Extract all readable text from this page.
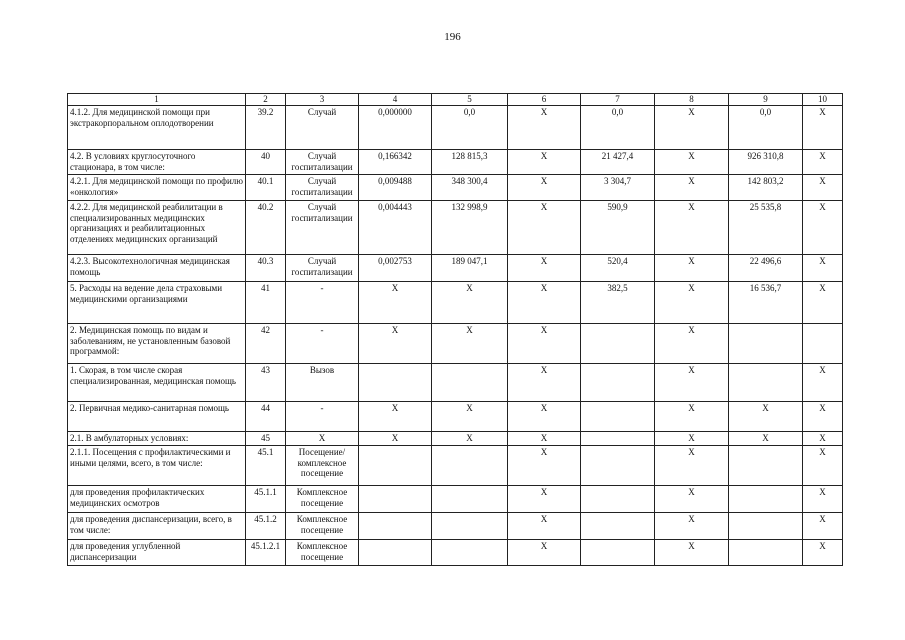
196
1	2	3	4	5	6	7	8	9	10
4.1.2. Для медицинской помощи при экстракорпоральном оплодотворении	39.2	Случай	0,000000	0,0	X	0,0	X	0,0	X
4.2. В условиях круглосуточного стационара, в том числе:	40	Случай госпитализации	0,166342	128 815,3	X	21 427,4	X	926 310,8	X
4.2.1. Для медицинской помощи по профилю «онкология»	40.1	Случай госпитализации	0,009488	348 300,4	X	3 304,7	X	142 803,2	X
4.2.2. Для медицинской реабилитации в специализированных медицинских организациях и реабилитационных отделениях медицинских организаций	40.2	Случай госпитализации	0,004443	132 998,9	X	590,9	X	25 535,8	X
4.2.3. Высокотехнологичная медицинская помощь	40.3	Случай госпитализации	0,002753	189 047,1	X	520,4	X	22 496,6	X
5. Расходы на ведение дела страховыми медицинскими организациями	41	-	X	X	X	382,5	X	16 536,7	X
2. Медицинская помощь по видам и заболеваниям, не установленным базовой программой:	42	-	X	X	X		X		
1. Скорая, в том числе скорая специализированная, медицинская помощь	43	Вызов			X		X		X
2. Первичная медико-санитарная помощь	44	-	X	X	X		X	X	X
2.1. В амбулаторных условиях:	45	X	X	X	X		X	X	X
2.1.1. Посещения с профилактическими и иными целями, всего, в том числе:	45.1	Посещение/ комплексное посещение			X		X		X
для проведения профилактических медицинских осмотров	45.1.1	Комплексное посещение			X		X		X
для проведения диспансеризации, всего, в том числе:	45.1.2	Комплексное посещение			X		X		X
для проведения углубленной диспансеризации	45.1.2.1	Комплексное посещение			X		X		X
